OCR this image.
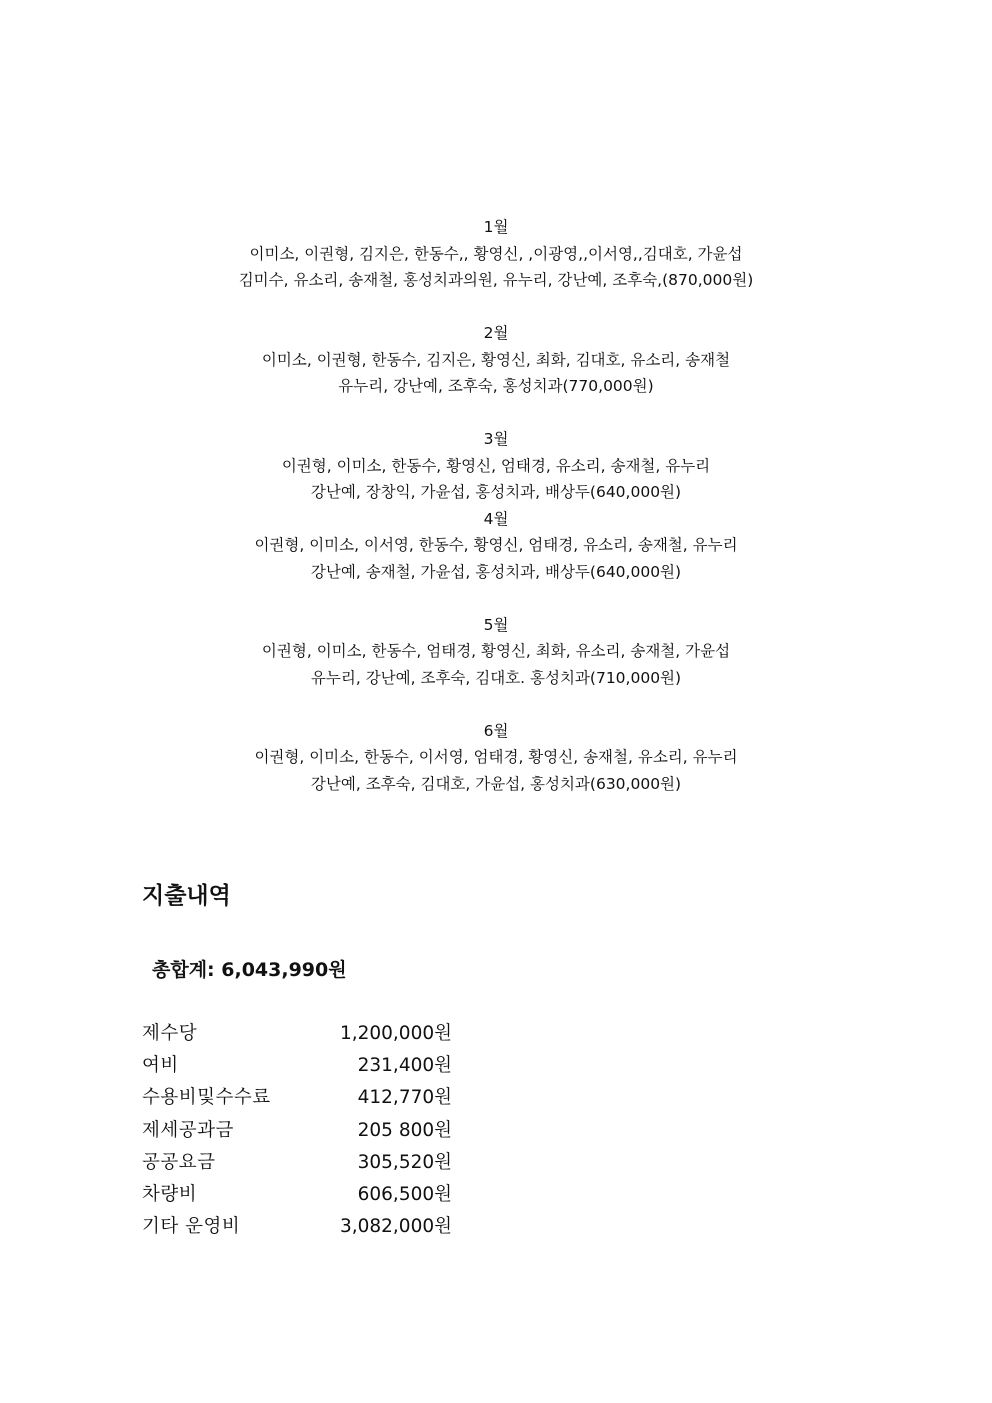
1월

이미소, 이권형, 김지은, 한동수,, 황영신, ,이광영,,이서영,,김대호, 가윤섭

김미수, 유소리, 송재철, 홍성치과의원, 유누리, 강난예, 조후숙,(870,000원)

2월

이미소, 이권형, 한동수, 김지은, 황영신, 최화, 김대호, 유소리, 송재철

유누리, 강난예, 조후숙, 홍성치과(770,000원)

3월

이권형, 이미소, 한동수, 황영신, 엄태경, 유소리, 송재철, 유누리

강난예, 장창익, 가윤섭, 홍성치과, 배상두(640,000원)

4월

이권형, 이미소, 이서영, 한동수, 황영신, 엄태경, 유소리, 송재철, 유누리

강난예, 송재철, 가윤섭, 홍성치과, 배상두(640,000원)

5월

이권형, 이미소, 한동수, 엄태경, 황영신, 최화, 유소리, 송재철, 가윤섭

유누리, 강난예, 조후숙, 김대호. 홍성치과(710,000원)

6월

이권형, 이미소, 한동수, 이서영, 엄태경, 황영신, 송재철, 유소리, 유누리

강난예, 조후숙, 김대호, 가윤섭, 홍성치과(630,000원)

지출내역

총합계: 6,043,990원

제수당	1,200,000원
여비	231,400원
수용비및수수료	412,770원
제세공과금	205 800원
공공요금	305,520원
차량비	606,500원
기타 운영비	3,082,000원
